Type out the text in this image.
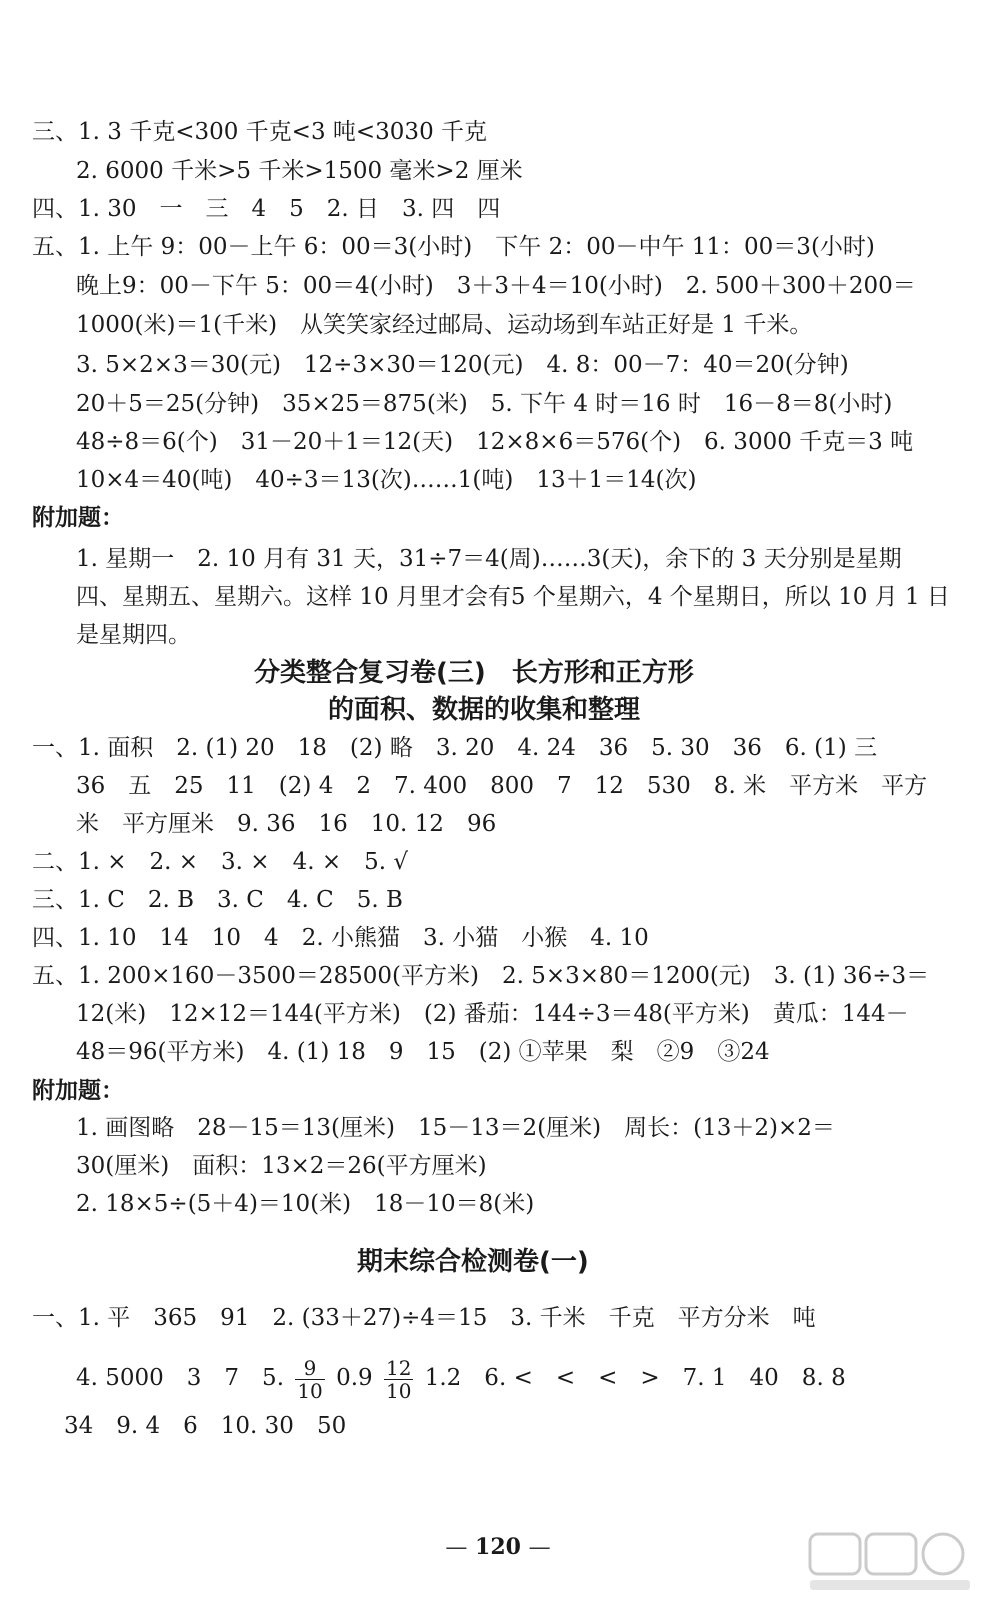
三、1. 3 千克<300 千克<3 吨<3030 千克
2. 6000 千米>5 千米>1500 毫米>2 厘米
四、1. 30　一　三　4　5　2. 日　3. 四　四
五、1. 上午 9：00－上午 6：00＝3(小时)　下午 2：00－中午 11：00＝3(小时)
晚上9：00－下午 5：00＝4(小时)　3＋3＋4＝10(小时)　2. 500＋300＋200＝
1000(米)＝1(千米)　从笑笑家经过邮局、运动场到车站正好是 1 千米。
3. 5×2×3＝30(元)　12÷3×30＝120(元)　4. 8：00－7：40＝20(分钟)
20＋5＝25(分钟)　35×25＝875(米)　5. 下午 4 时＝16 时　16－8＝8(小时)
48÷8＝6(个)　31－20＋1＝12(天)　12×8×6＝576(个)　6. 3000 千克＝3 吨
10×4＝40(吨)　40÷3＝13(次)……1(吨)　13＋1＝14(次)
附加题：
1. 星期一　2. 10 月有 31 天，31÷7＝4(周)……3(天)，余下的 3 天分别是星期
四、星期五、星期六。这样 10 月里才会有5 个星期六，4 个星期日，所以 10 月 1 日
是星期四。
分类整合复习卷(三)　长方形和正方形
的面积、数据的收集和整理
一、1. 面积　2. (1) 20　18　(2) 略　3. 20　4. 24　36　5. 30　36　6. (1) 三
36　五　25　11　(2) 4　2　7. 400　800　7　12　530　8. 米　平方米　平方
米　平方厘米　9. 36　16　10. 12　96
二、1. ×　2. ×　3. ×　4. ×　5. √
三、1. C　2. B　3. C　4. C　5. B
四、1. 10　14　10　4　2. 小熊猫　3. 小猫　小猴　4. 10
五、1. 200×160－3500＝28500(平方米)　2. 5×3×80＝1200(元)　3. (1) 36÷3＝
12(米)　12×12＝144(平方米)　(2) 番茄：144÷3＝48(平方米)　黄瓜：144－
48＝96(平方米)　4. (1) 18　9　15　(2) ①苹果　梨　②9　③24
附加题：
1. 画图略　28－15＝13(厘米)　15－13＝2(厘米)　周长：(13＋2)×2＝
30(厘米)　面积：13×2＝26(平方厘米)
2. 18×5÷(5＋4)＝10(米)　18－10＝8(米)
期末综合检测卷(一)
一、1. 平　365　91　2. (33＋27)÷4＝15　3. 千米　千克　平方分米　吨
4. 5000　3　7　5. $\frac{9}{10} 0.9 \frac{12}{10} 1.2$　6. <　<　<　>　7. 1　40　8. 8
34　9. 4　6　10. 30　50
— 120 —
